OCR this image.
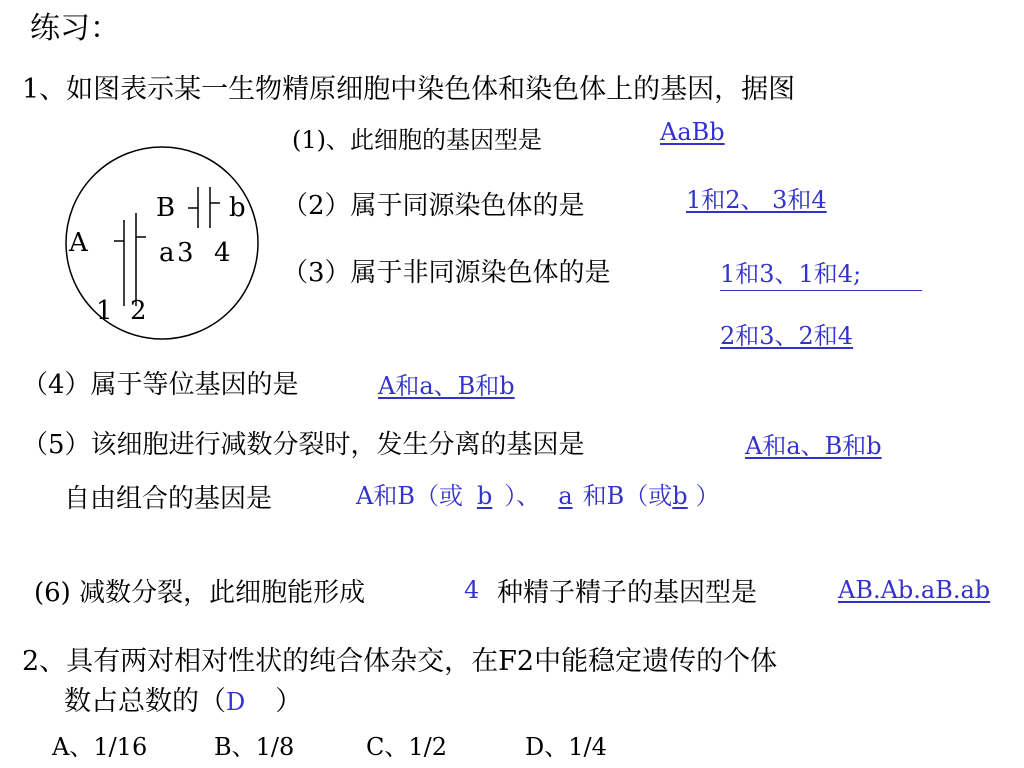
练习：
1、如图表示某一生物精原细胞中染色体和染色体上的基因，据图
A	a
B b
1 2
3 4
(1)、此细胞的基因型是	AaBb
（2）属于同源染色体的是	1和2、 3和4
（3）属于非同源染色体的是	1和3、1和4;
2和3、2和4
（4）属于等位基因的是	A和a、B和b
（5）该细胞进行减数分裂时，发生分离的基因是	A和a、B和b
自由组合的基因是	A和B（或 b ）、 a 和B（或b ）
(6) 减数分裂，此细胞能形成	4 种精子精子的基因型是	AB.Ab.aB.ab
2、具有两对相对性状的纯合体杂交，在F2中能稳定遗传的个体
数占总数的（D ）
A、1/16	B、1/8	C、1/2	D、1/4
